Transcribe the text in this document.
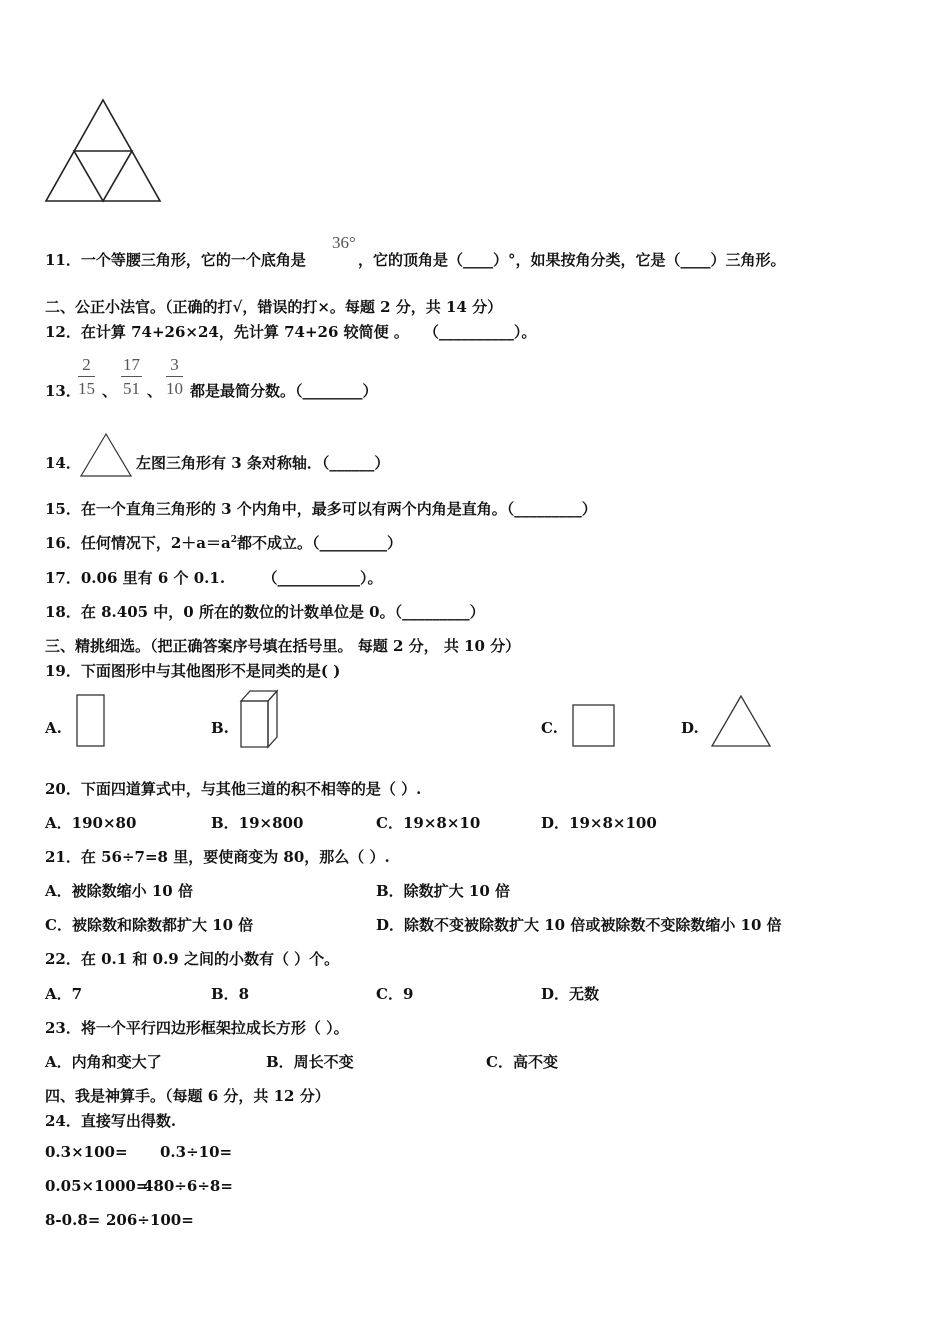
11．一个等腰三角形，它的一个底角是
36°
，它的顶角是（____）°，如果按角分类，它是（____）三角形。
二、公正小法官。（正确的打√，错误的打×。每题 2 分，共 14 分）
12．在计算 74+26×24，先计算 74+26 较简便 。　　（__________）。
13．
$\frac{2}{15}$ 、 $\frac{17}{51}$ 、 $\frac{3}{10}$ 都是最简分数。（________）
14．	左图三角形有 3 条对称轴．（______）
15．在一个直角三角形的 3 个内角中，最多可以有两个内角是直角。（_________）
16．任何情况下，$2+a=a^2$都不成立。（_________）
17．0.06 里有 6 个 0.1.　　　（___________）。
18．在 8.405 中，0 所在的数位的计数单位是 0。（_________）
三、精挑细选。（把正确答案序号填在括号里。 每题 2 分， 共 10 分）
19．下面图形中与其他图形不是同类的是( )
A.	B.	C.	D.
20．下面四道算式中，与其他三道的积不相等的是（ ）.
A．190×80	B．19×800	C．19×8×10	D．19×8×100
21．在 56÷7=8 里，要使商变为 80，那么（ ）.
A．被除数缩小 10 倍	B．除数扩大 10 倍
C．被除数和除数都扩大 10 倍	D．除数不变被除数扩大 10 倍或被除数不变除数缩小 10 倍
22．在 0.1 和 0.9 之间的小数有（ ）个。
A．7	B．8	C．9	D．无数
23．将一个平行四边形框架拉成长方形（ ）。
A．内角和变大了	B．周长不变	C．高不变
四、我是神算手。（每题 6 分，共 12 分）
24．直接写出得数.
0.3×100= 0.3÷10=
0.05×1000=
480÷6÷8=
8-0.8= 206÷100=
